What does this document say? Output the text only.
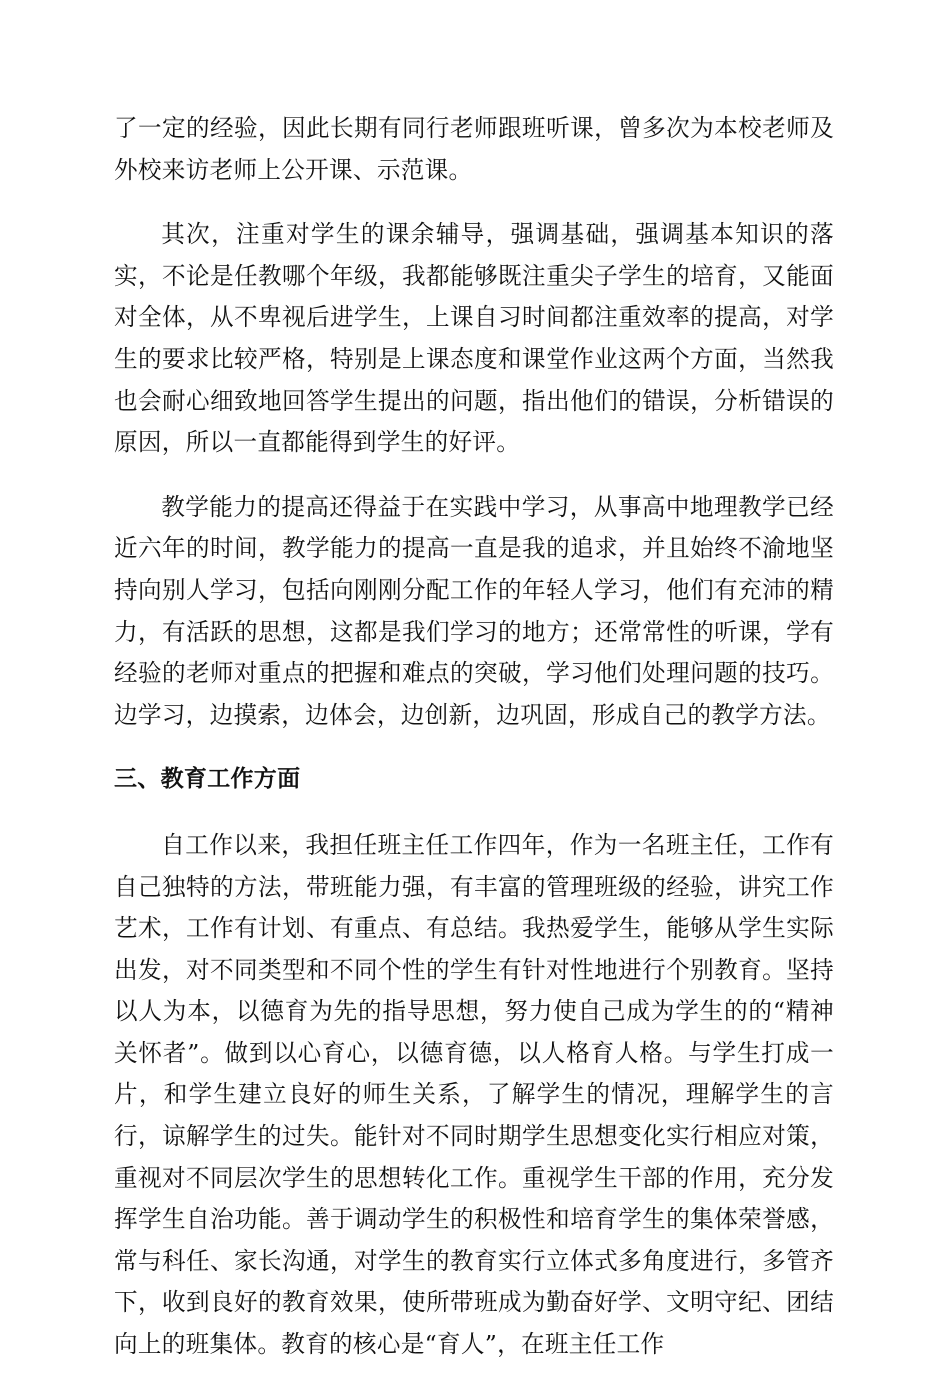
了一定的经验，因此长期有同行老师跟班听课，曾多次为本校老师及外校来访老师上公开课、示范课。

其次，注重对学生的课余辅导，强调基础，强调基本知识的落实，不论是任教哪个年级，我都能够既注重尖子学生的培育，又能面对全体，从不卑视后进学生，上课自习时间都注重效率的提高，对学生的要求比较严格，特别是上课态度和课堂作业这两个方面，当然我也会耐心细致地回答学生提出的问题，指出他们的错误，分析错误的原因，所以一直都能得到学生的好评。

教学能力的提高还得益于在实践中学习，从事高中地理教学已经近六年的时间，教学能力的提高一直是我的追求，并且始终不渝地坚持向别人学习，包括向刚刚分配工作的年轻人学习，他们有充沛的精力，有活跃的思想，这都是我们学习的地方；还常常性的听课，学有经验的老师对重点的把握和难点的突破，学习他们处理问题的技巧。边学习，边摸索，边体会，边创新，边巩固，形成自己的教学方法。

三、教育工作方面

自工作以来，我担任班主任工作四年，作为一名班主任，工作有自己独特的方法，带班能力强，有丰富的管理班级的经验，讲究工作艺术，工作有计划、有重点、有总结。我热爱学生，能够从学生实际出发，对不同类型和不同个性的学生有针对性地进行个别教育。坚持以人为本，以德育为先的指导思想，努力使自己成为学生的的“精神关怀者”。做到以心育心，以德育德，以人格育人格。与学生打成一片，和学生建立良好的师生关系，了解学生的情况，理解学生的言行，谅解学生的过失。能针对不同时期学生思想变化实行相应对策，重视对不同层次学生的思想转化工作。重视学生干部的作用，充分发挥学生自治功能。善于调动学生的积极性和培育学生的集体荣誉感，常与科任、家长沟通，对学生的教育实行立体式多角度进行，多管齐下，收到良好的教育效果，使所带班成为勤奋好学、文明守纪、团结向上的班集体。教育的核心是“育人”，在班主任工作
